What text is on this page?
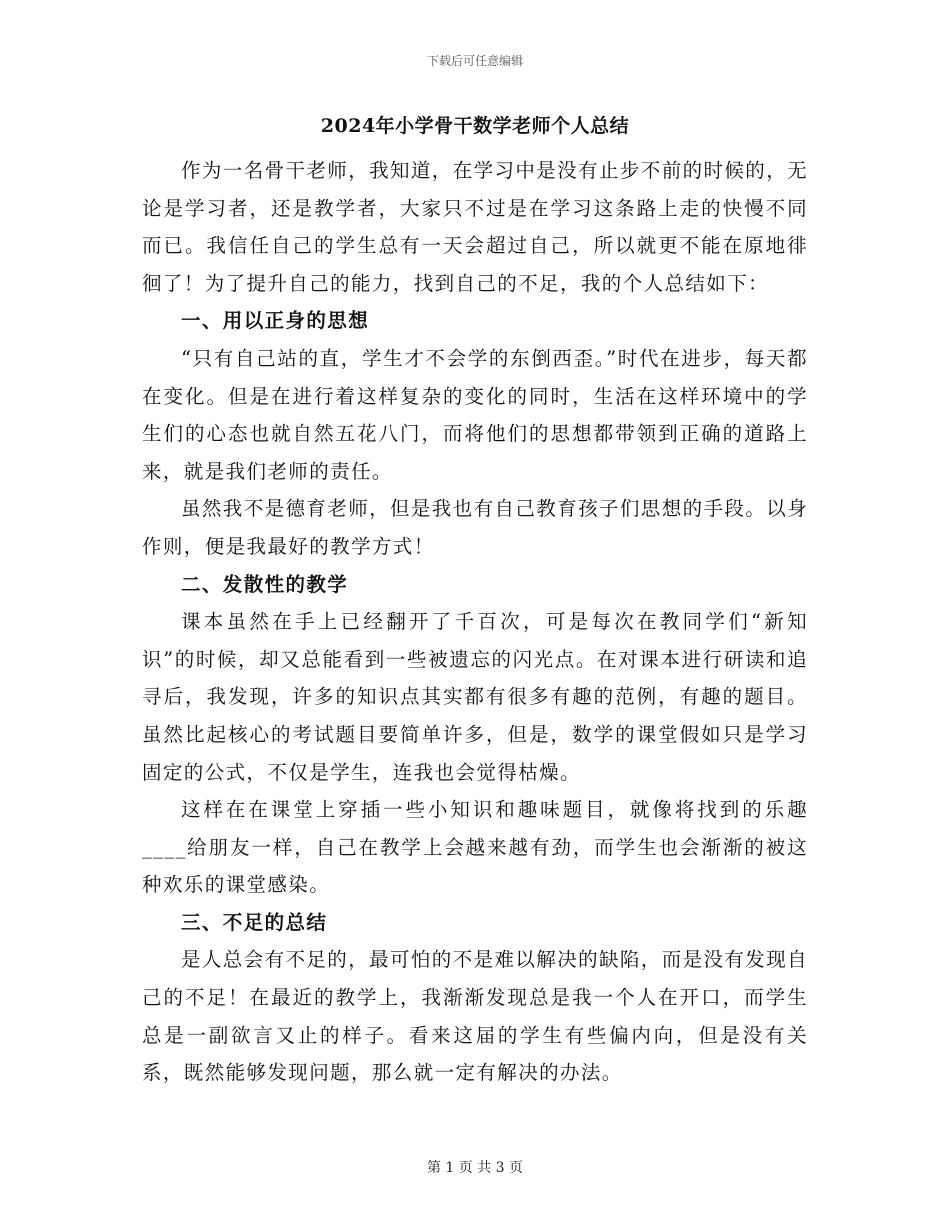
下载后可任意编辑
2024年小学骨干数学老师个人总结

作为一名骨干老师，我知道，在学习中是没有止步不前的时候的，无论是学习者，还是教学者，大家只不过是在学习这条路上走的快慢不同而已。我信任自己的学生总有一天会超过自己，所以就更不能在原地徘徊了！为了提升自己的能力，找到自己的不足，我的个人总结如下：

一、用以正身的思想

“只有自己站的直，学生才不会学的东倒西歪。”时代在进步，每天都在变化。但是在进行着这样复杂的变化的同时，生活在这样环境中的学生们的心态也就自然五花八门，而将他们的思想都带领到正确的道路上来，就是我们老师的责任。

虽然我不是德育老师，但是我也有自己教育孩子们思想的手段。以身作则，便是我最好的教学方式！

二、发散性的教学

课本虽然在手上已经翻开了千百次，可是每次在教同学们“新知识”的时候，却又总能看到一些被遗忘的闪光点。在对课本进行研读和追寻后，我发现，许多的知识点其实都有很多有趣的范例，有趣的题目。虽然比起核心的考试题目要简单许多，但是，数学的课堂假如只是学习固定的公式，不仅是学生，连我也会觉得枯燥。

这样在在课堂上穿插一些小知识和趣味题目，就像将找到的乐趣____给朋友一样，自己在教学上会越来越有劲，而学生也会渐渐的被这种欢乐的课堂感染。

三、不足的总结

是人总会有不足的，最可怕的不是难以解决的缺陷，而是没有发现自己的不足！在最近的教学上，我渐渐发现总是我一个人在开口，而学生总是一副欲言又止的样子。看来这届的学生有些偏内向，但是没有关系，既然能够发现问题，那么就一定有解决的办法。

第 1 页 共 3 页
